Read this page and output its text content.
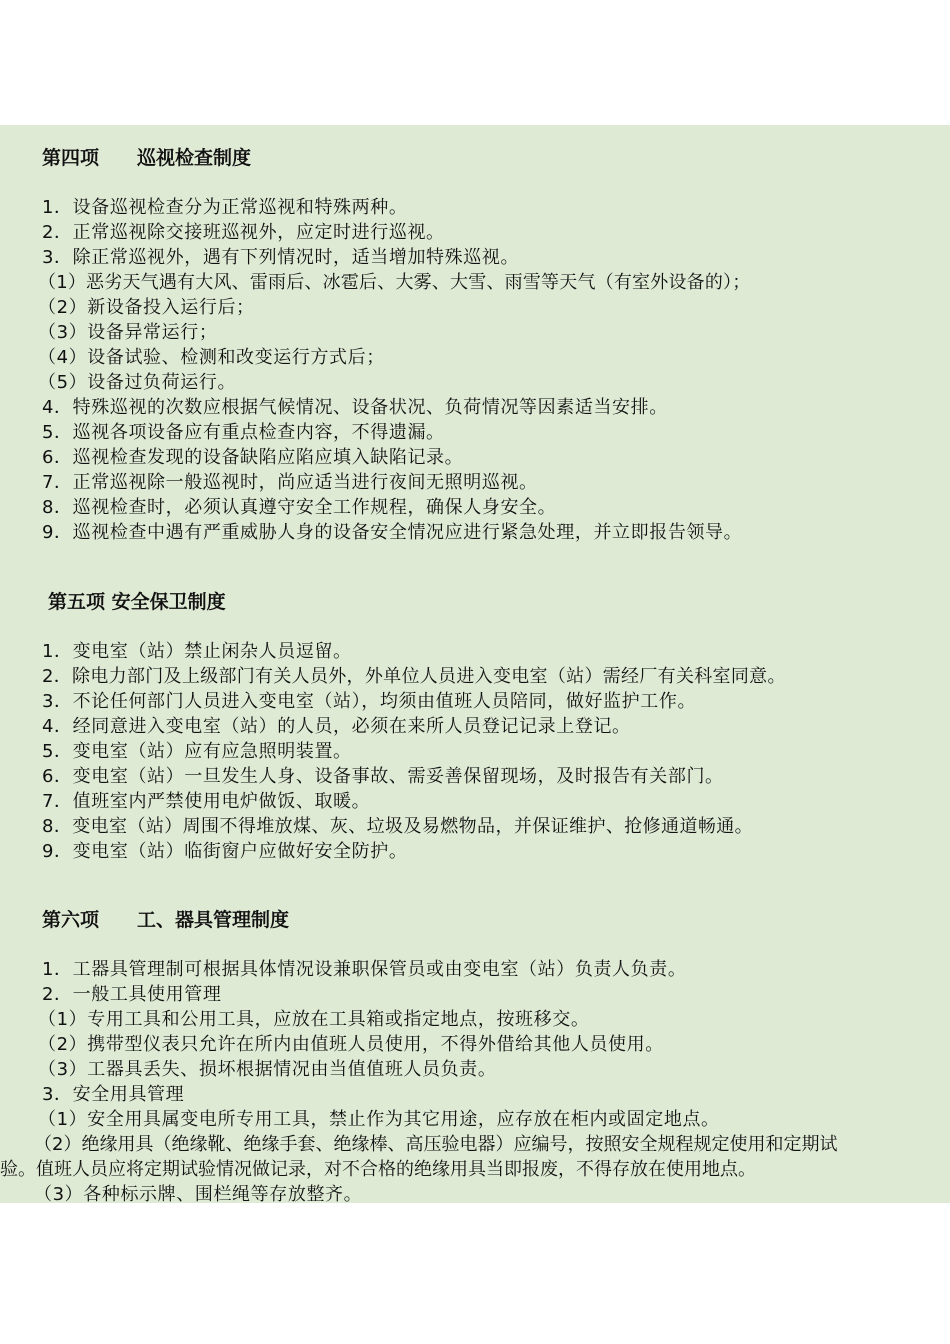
第四项　　巡视检查制度
1．设备巡视检查分为正常巡视和特殊两种。
2．正常巡视除交接班巡视外，应定时进行巡视。
3．除正常巡视外，遇有下列情况时，适当增加特殊巡视。
（1）恶劣天气遇有大风、雷雨后、冰雹后、大雾、大雪、雨雪等天气（有室外设备的）；
（2）新设备投入运行后；
（3）设备异常运行；
（4）设备试验、检测和改变运行方式后；
（5）设备过负荷运行。
4．特殊巡视的次数应根据气候情况、设备状况、负荷情况等因素适当安排。
5．巡视各项设备应有重点检查内容，不得遗漏。
6．巡视检查发现的设备缺陷应陷应填入缺陷记录。
7．正常巡视除一般巡视时，尚应适当进行夜间无照明巡视。
8．巡视检查时，必须认真遵守安全工作规程，确保人身安全。
9．巡视检查中遇有严重威胁人身的设备安全情况应进行紧急处理，并立即报告领导。
第五项 安全保卫制度
1．变电室（站）禁止闲杂人员逗留。
2．除电力部门及上级部门有关人员外，外单位人员进入变电室（站）需经厂有关科室同意。
3．不论任何部门人员进入变电室（站），均须由值班人员陪同，做好监护工作。
4．经同意进入变电室（站）的人员，必须在来所人员登记记录上登记。
5．变电室（站）应有应急照明装置。
6．变电室（站）一旦发生人身、设备事故、需妥善保留现场，及时报告有关部门。
7．值班室内严禁使用电炉做饭、取暖。
8．变电室（站）周围不得堆放煤、灰、垃圾及易燃物品，并保证维护、抢修通道畅通。
9．变电室（站）临街窗户应做好安全防护。
第六项　　工、器具管理制度
1．工器具管理制可根据具体情况设兼职保管员或由变电室（站）负责人负责。
2．一般工具使用管理
（1）专用工具和公用工具，应放在工具箱或指定地点，按班移交。
（2）携带型仪表只允许在所内由值班人员使用，不得外借给其他人员使用。
（3）工器具丢失、损坏根据情况由当值值班人员负责。
3．安全用具管理
（1）安全用具属变电所专用工具，禁止作为其它用途，应存放在柜内或固定地点。
（2）绝缘用具（绝缘靴、绝缘手套、绝缘棒、高压验电器）应编号，按照安全规程规定使用和定期试
验。值班人员应将定期试验情况做记录，对不合格的绝缘用具当即报废，不得存放在使用地点。
（3）各种标示牌、围栏绳等存放整齐。
